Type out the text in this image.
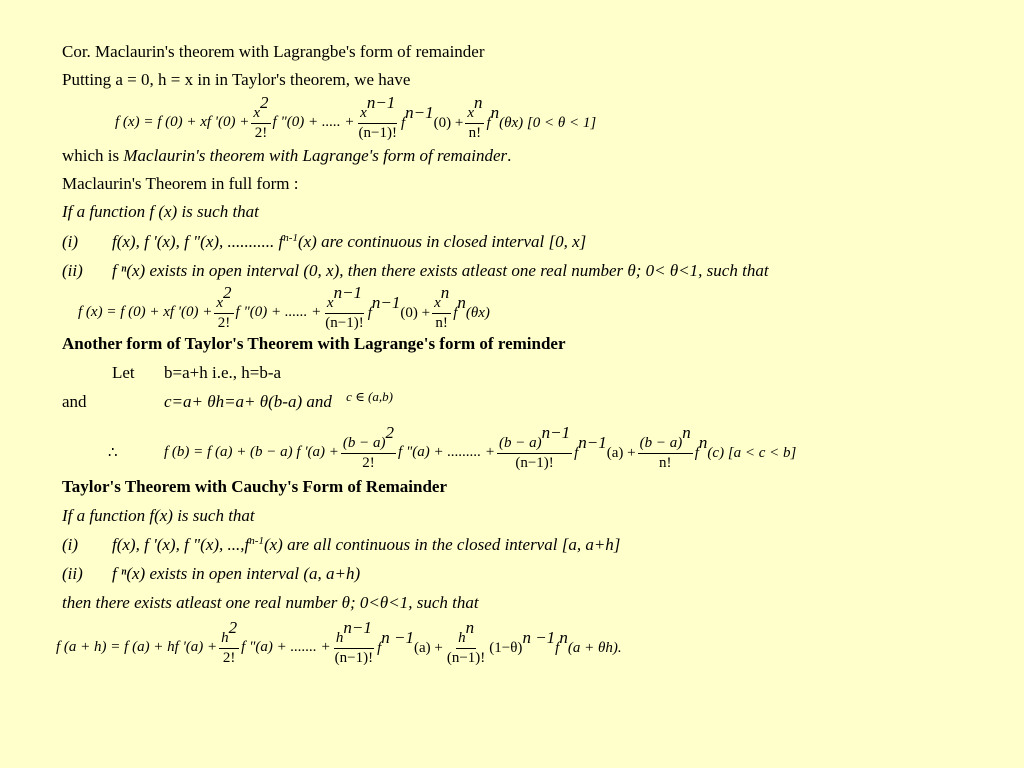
Cor. Maclaurin's theorem with Lagrangbe's form of remainder
Putting a = 0, h = x in in Taylor's theorem, we have
f (x) = f (0) + xf '$(0) + \frac{x2}{2!}$ f "(0) + ..... + $\frac{xn-1}{(n-1)!} fn-1(0) + \frac{xn}{n!} fn(\theta x) [0 < \theta < 1]$
which is Maclaurin's theorem with Lagrange's form of remainder.
Maclaurin's Theorem in full form :
If a function f (x) is such that
(i) f(x), f '(x), f "(x), ........... $f^{n-1}(x)$ are continuous in closed interval [0, x]
(ii) f ⁿ(x) exists in open interval (0, x), then there exists atleast one real number θ; 0< θ<1, such that
f (x) = f (0) + xf '$(0) + \frac{x2}{2!}$ f "(0) + ...... + $\frac{xn-1}{(n-1)!} fn-1(0) + \frac{xn}{n!} fn(\theta x)$
Another form of Taylor's Theorem with Lagrange's form of reminder
Let b=a+h i.e., h=b-a
and	c=a+ θh=a+ θ(b-a) and $^{c \in (a,b)}$
∴	f (b) = f (a) + (b − a) f '$(a) + \frac{(b - a)2}{2!}$ f "(a) + ......... + $\frac{(b - a)n-1}{(n-1)!} fn-1(a) + \frac{(b - a)n}{n!} fn(c) [a < c < b]$
Taylor's Theorem with Cauchy's Form of Remainder
If a function f(x) is such that
(i) f(x), f '(x), f "(x), $...,f^{n-1}(x)$ are all continuous in the closed interval [a, a+h]
(ii) f ⁿ(x) exists in open interval (a, a+h)
then there exists atleast one real number θ; 0<θ<1, such that
f (a + h) = f (a) + hf '$(a) + \frac{h2}{2!}$ f "(a) + ....... + $\frac{hn-1}{(n-1)!}$ fn $-1(a) + \frac{hn}{(n-1)!} (1-\theta)n -1$
fn(a + θh).
